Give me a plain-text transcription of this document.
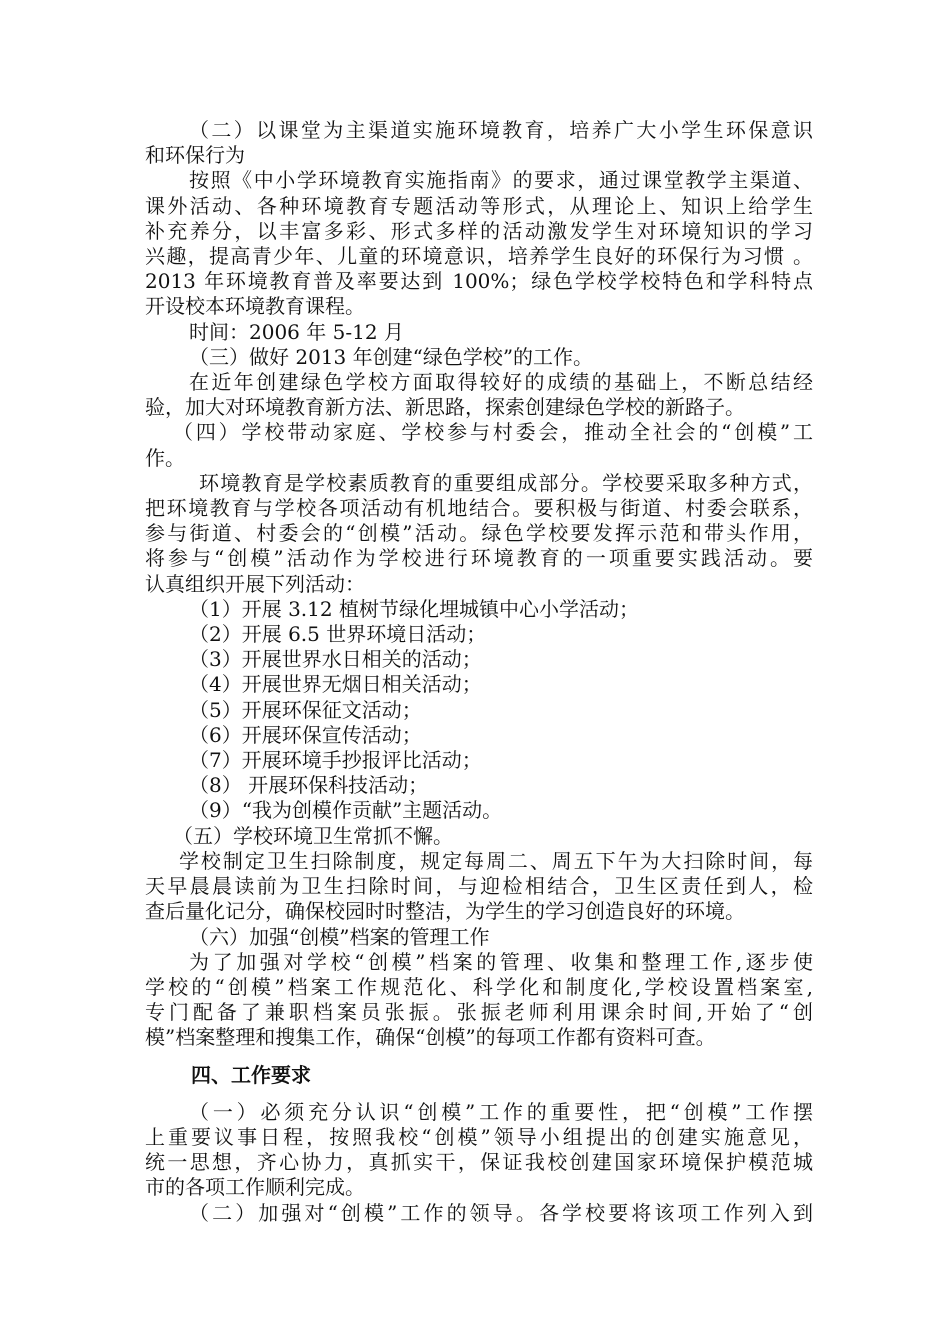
（二）以课堂为主渠道实施环境教育，培养广大小学生环保意识
和环保行为
按照《中小学环境教育实施指南》的要求，通过课堂教学主渠道、
课外活动、各种环境教育专题活动等形式，从理论上、知识上给学生
补充养分，以丰富多彩、形式多样的活动激发学生对环境知识的学习
兴趣，提高青少年、儿童的环境意识，培养学生良好的环保行为习惯 。
2013 年环境教育普及率要达到 100%；绿色学校学校特色和学科特点
开设校本环境教育课程。
时间：2006 年 5-12 月
（三）做好 2013 年创建“绿色学校”的工作。
在近年创建绿色学校方面取得较好的成绩的基础上，不断总结经
验，加大对环境教育新方法、新思路，探索创建绿色学校的新路子。
（四）学校带动家庭、学校参与村委会，推动全社会的“创模”工
作。
环境教育是学校素质教育的重要组成部分。学校要采取多种方式，
把环境教育与学校各项活动有机地结合。要积极与街道、村委会联系，
参与街道、村委会的“创模”活动。绿色学校要发挥示范和带头作用，
将参与“创模”活动作为学校进行环境教育的一项重要实践活动。要
认真组织开展下列活动：
（1）开展 3.12 植树节绿化埋城镇中心小学活动；
（2）开展 6.5 世界环境日活动；
（3）开展世界水日相关的活动；
（4）开展世界无烟日相关活动；
（5）开展环保征文活动；
（6）开展环保宣传活动；
（7）开展环境手抄报评比活动；
（8） 开展环保科技活动；
（9）“我为创模作贡献”主题活动。
（五）学校环境卫生常抓不懈。
学校制定卫生扫除制度，规定每周二、周五下午为大扫除时间，每
天早晨晨读前为卫生扫除时间，与迎检相结合，卫生区责任到人，检
查后量化记分，确保校园时时整洁，为学生的学习创造良好的环境。
（六）加强“创模”档案的管理工作
为了加强对学校“创模”档案的管理、收集和整理工作,逐步使
学校的“创模”档案工作规范化、科学化和制度化,学校设置档案室,
专门配备了兼职档案员张振。张振老师利用课余时间,开始了“创
模”档案整理和搜集工作，确保“创模”的每项工作都有资料可查。
四、工作要求
（一）必须充分认识“创模”工作的重要性，把“创模”工作摆
上重要议事日程，按照我校“创模”领导小组提出的创建实施意见，
统一思想，齐心协力，真抓实干，保证我校创建国家环境保护模范城
市的各项工作顺利完成。
（二）加强对“创模”工作的领导。各学校要将该项工作列入到
